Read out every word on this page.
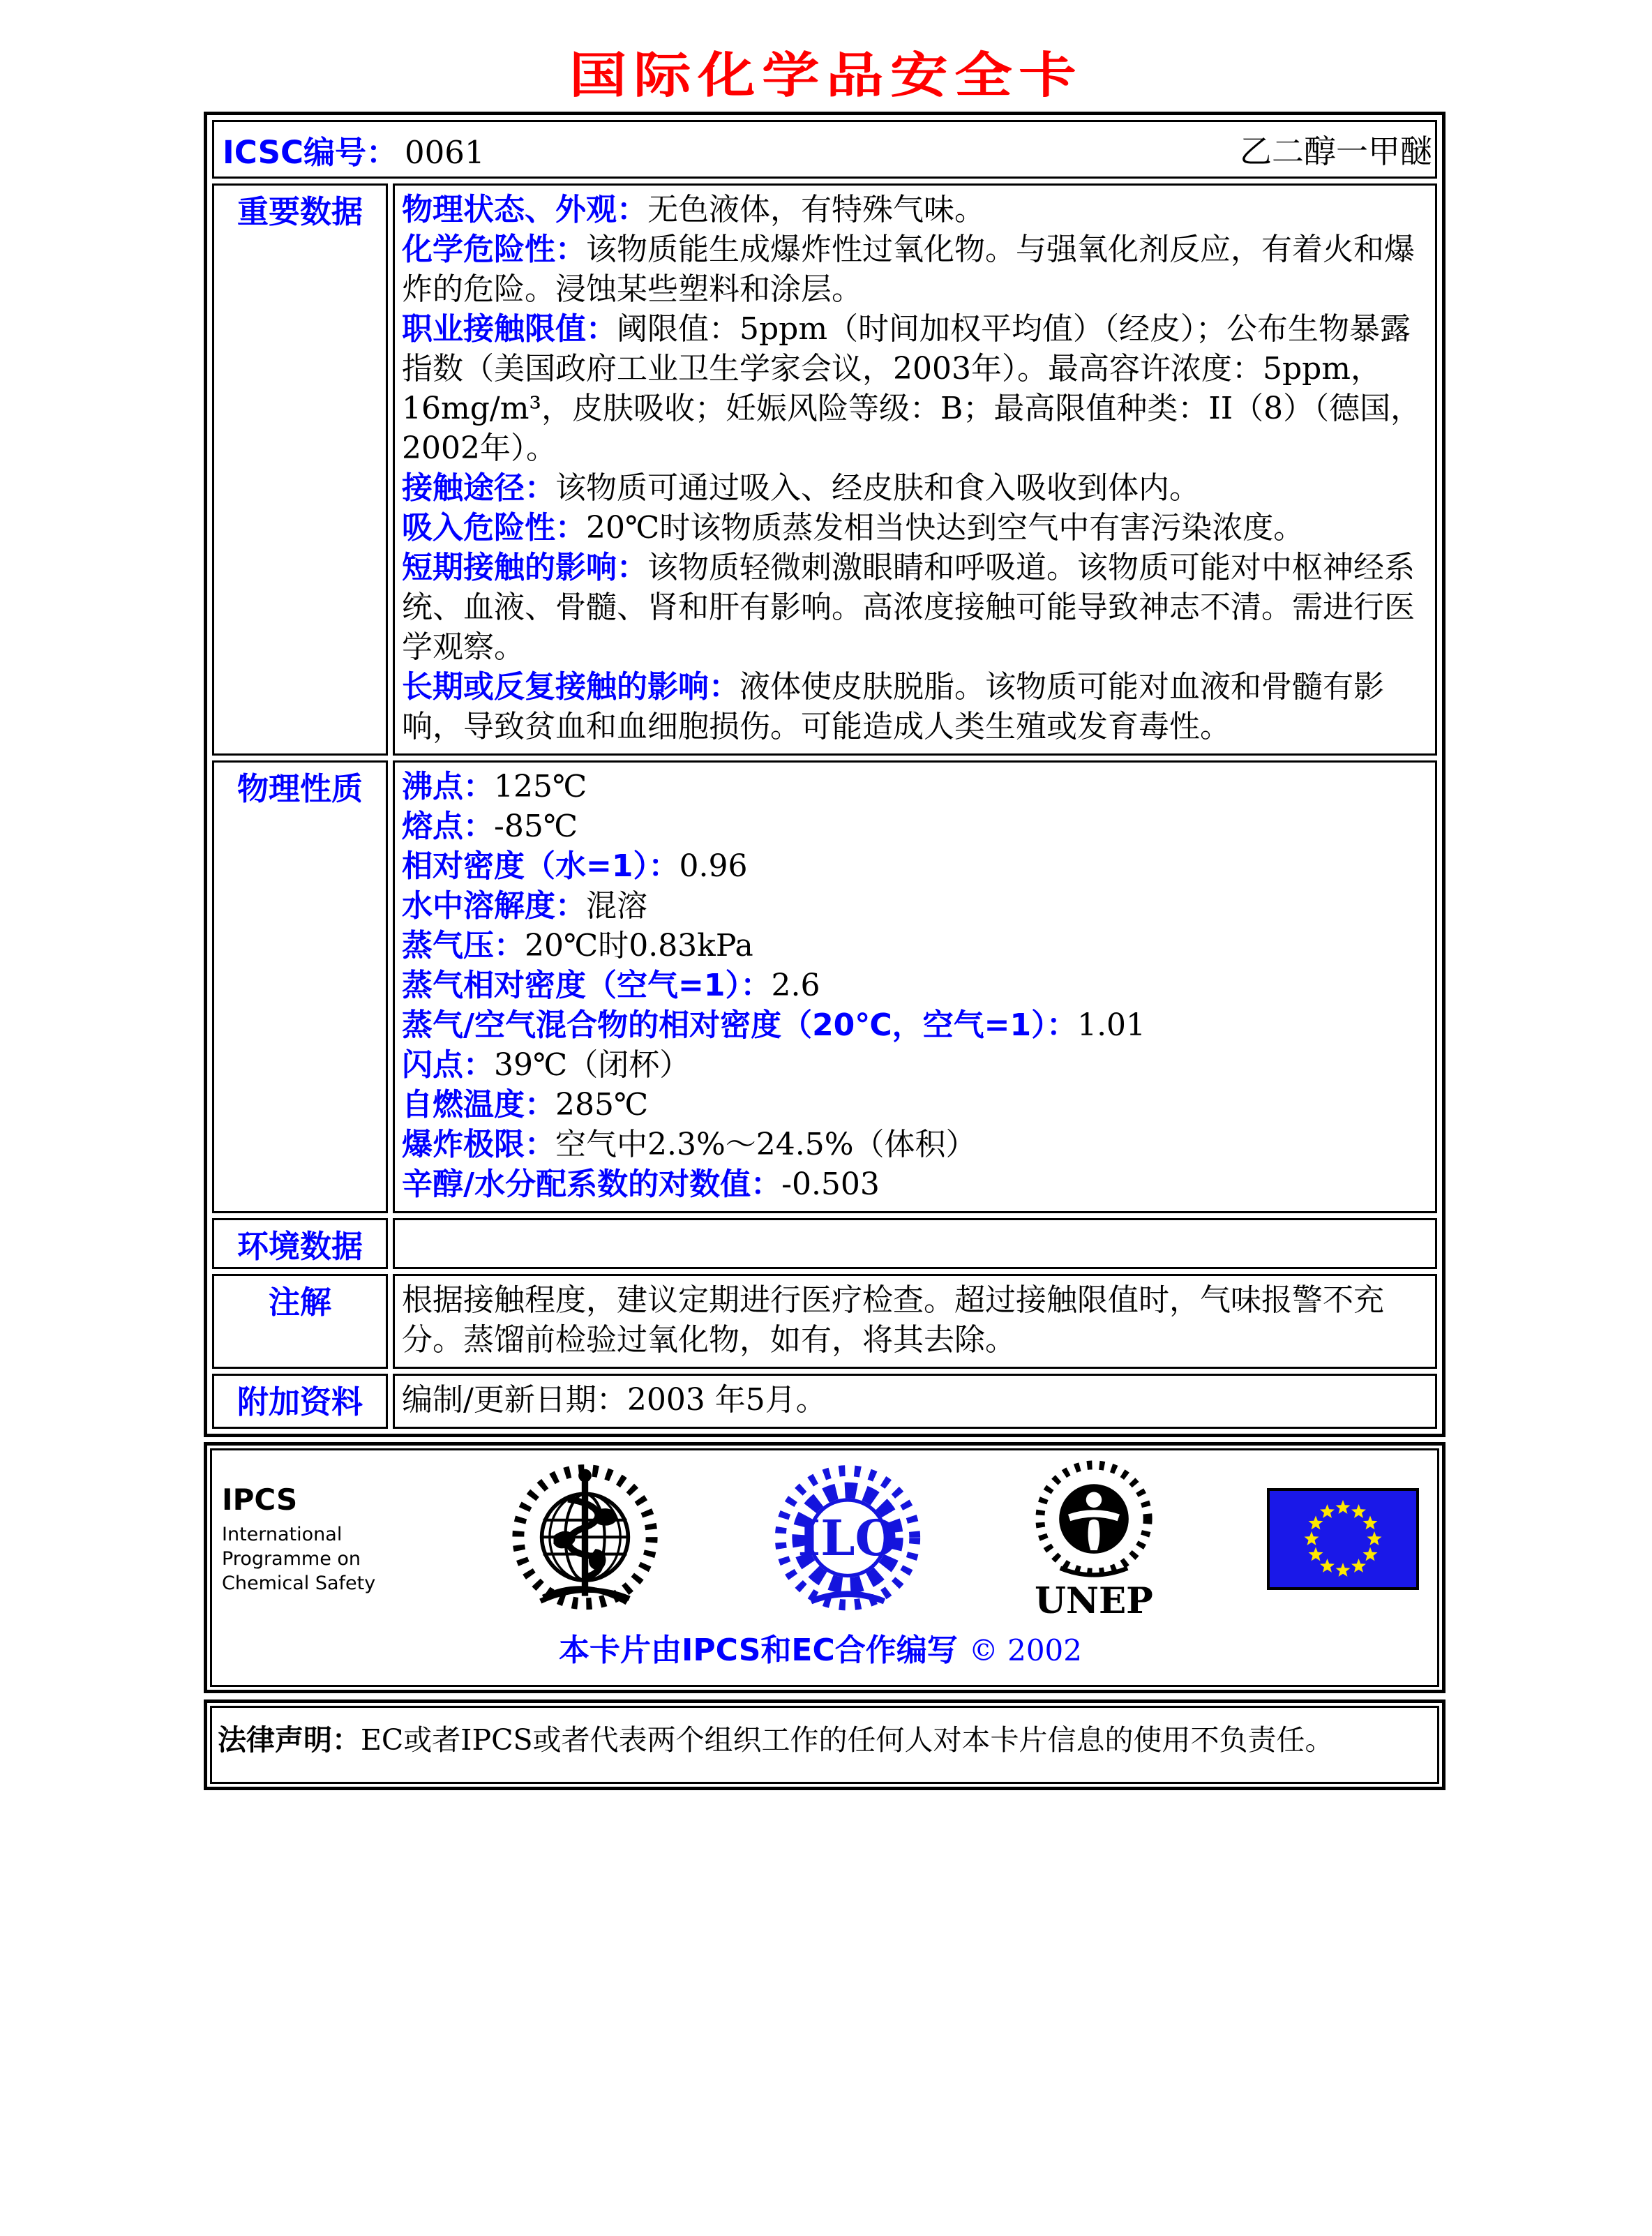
国际化学品安全卡
ICSC编号： 0061 乙二醇一甲醚	

重要数据	物理状态、外观：无色液体，有特殊气味。
化学危险性：该物质能生成爆炸性过氧化物。与强氧化剂反应，有着火和爆炸的危险。浸蚀某些塑料和涂层。
职业接触限值：阈限值：5ppm（时间加权平均值）（经皮）；公布生物暴露指数（美国政府工业卫生学家会议，2003年）。最高容许浓度：5ppm，16mg/m³，皮肤吸收；妊娠风险等级：B；最高限值种类：II（8）（德国，2002年）。
接触途径：该物质可通过吸入、经皮肤和食入吸收到体内。
吸入危险性：20℃时该物质蒸发相当快达到空气中有害污染浓度。
短期接触的影响：该物质轻微刺激眼睛和呼吸道。该物质可能对中枢神经系统、血液、骨髓、肾和肝有影响。高浓度接触可能导致神志不清。需进行医学观察。
长期或反复接触的影响：液体使皮肤脱脂。该物质可能对血液和骨髓有影响，导致贫血和血细胞损伤。可能造成人类生殖或发育毒性。

物理性质	沸点：125℃
熔点：-85℃
相对密度（水=1）：0.96
水中溶解度：混溶
蒸气压：20℃时0.83kPa
蒸气相对密度（空气=1）：2.6
蒸气/空气混合物的相对密度（20℃，空气=1）：1.01
闪点：39℃（闭杯）
自燃温度：285℃
爆炸极限：空气中2.3%～24.5%（体积）
辛醇/水分配系数的对数值：-0.503

环境数据	
注解	根据接触程度，建议定期进行医疗检查。超过接触限值时，气味报警不充分。蒸馏前检验过氧化物，如有，将其去除。
附加资料	编制/更新日期：2003 年5月。
IPCS
International
Programme on
Chemical Safety
ILO
UNEP
本卡片由IPCS和EC合作编写 © 2002
法律声明：EC或者IPCS或者代表两个组织工作的任何人对本卡片信息的使用不负责任。
